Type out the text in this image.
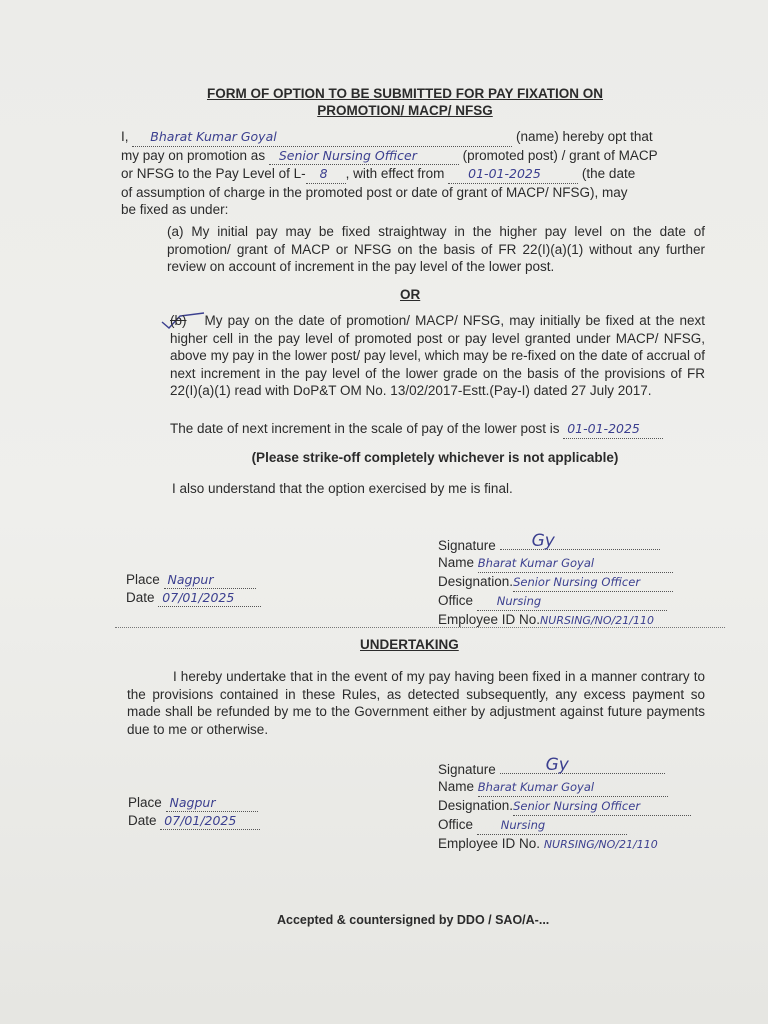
FORM OF OPTION TO BE SUBMITTED FOR PAY FIXATION ON
PROMOTION/ MACP/ NFSG
I, Bharat Kumar Goyal	(name) hereby opt that
my pay on promotion as Senior Nursing Officer	(promoted post) / grant of MACP
or NFSG to the Pay Level of L- 8 , with effect from 01-01-2025	(the date
of assumption of charge in the promoted post or date of grant of MACP/ NFSG), may
be fixed as under:
(a) My initial pay may be fixed straightway in the higher pay level on the date of promotion/ grant of MACP or NFSG on the basis of FR 22(I)(a)(1) without any further review on account of increment in the pay level of the lower post.
OR
(b) My pay on the date of promotion/ MACP/ NFSG, may initially be fixed at the next higher cell in the pay level of promoted post or pay level granted under MACP/ NFSG, above my pay in the lower post/ pay level, which may be re-fixed on the date of accrual of next increment in the pay level of the lower grade on the basis of the provisions of FR 22(I)(a)(1) read with DoP&T OM No. 13/02/2017-Estt.(Pay-I) dated 27 July 2017.
The date of next increment in the scale of pay of the lower post is 01-01-2025
(Please strike-off completely whichever is not applicable)
I also understand that the option exercised by me is final.
Signature Gy
Name Bharat Kumar Goyal
Designation.Senior Nursing Officer
Office Nursing
Employee ID No.NURSING/NO/21/110
Place Nagpur
Date 07/01/2025
UNDERTAKING
I hereby undertake that in the event of my pay having been fixed in a manner contrary to the provisions contained in these Rules, as detected subsequently, any excess payment so made shall be refunded by me to the Government either by adjustment against future payments due to me or otherwise.
Signature	Gy
Name Bharat Kumar Goyal
Designation.Senior Nursing Officer
Office Nursing
Employee ID No. NURSING/NO/21/110
Place Nagpur
Date 07/01/2025
Accepted & countersigned by DDO / SAO/A-...
